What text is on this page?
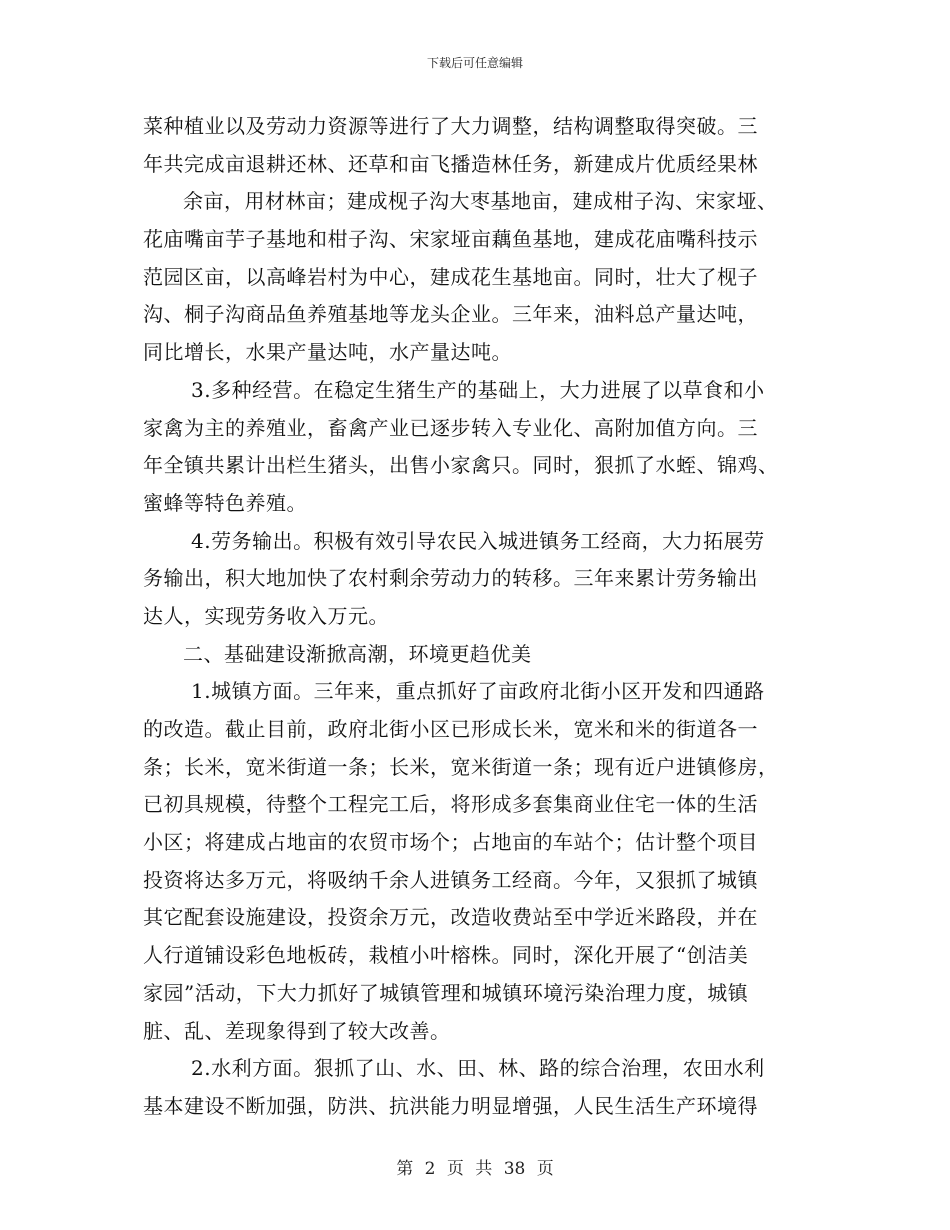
下载后可任意编辑
菜种植业以及劳动力资源等进行了大力调整，结构调整取得突破。三
年共完成亩退耕还林、还草和亩飞播造林任务，新建成片优质经果林
余亩，用材林亩；建成枧子沟大枣基地亩，建成柑子沟、宋家垭、
花庙嘴亩芋子基地和柑子沟、宋家垭亩藕鱼基地，建成花庙嘴科技示
范园区亩，以高峰岩村为中心，建成花生基地亩。同时，壮大了枧子
沟、桐子沟商品鱼养殖基地等龙头企业。三年来，油料总产量达吨，
同比增长，水果产量达吨，水产量达吨。
3.多种经营。在稳定生猪生产的基础上，大力进展了以草食和小
家禽为主的养殖业，畜禽产业已逐步转入专业化、高附加值方向。三
年全镇共累计出栏生猪头，出售小家禽只。同时，狠抓了水蛭、锦鸡、
蜜蜂等特色养殖。
4.劳务输出。积极有效引导农民入城进镇务工经商，大力拓展劳
务输出，积大地加快了农村剩余劳动力的转移。三年来累计劳务输出
达人，实现劳务收入万元。
二、基础建设渐掀高潮，环境更趋优美
1.城镇方面。三年来，重点抓好了亩政府北街小区开发和四通路
的改造。截止目前，政府北街小区已形成长米，宽米和米的街道各一
条；长米，宽米街道一条；长米，宽米街道一条；现有近户进镇修房，
已初具规模，待整个工程完工后，将形成多套集商业住宅一体的生活
小区；将建成占地亩的农贸市场个；占地亩的车站个；估计整个项目
投资将达多万元，将吸纳千余人进镇务工经商。今年，又狠抓了城镇
其它配套设施建设，投资余万元，改造收费站至中学近米路段，并在
人行道铺设彩色地板砖，栽植小叶榕株。同时，深化开展了“创洁美
家园”活动，下大力抓好了城镇管理和城镇环境污染治理力度，城镇
脏、乱、差现象得到了较大改善。
2.水利方面。狠抓了山、水、田、林、路的综合治理，农田水利
基本建设不断加强，防洪、抗洪能力明显增强，人民生活生产环境得
第 2 页 共 38 页
